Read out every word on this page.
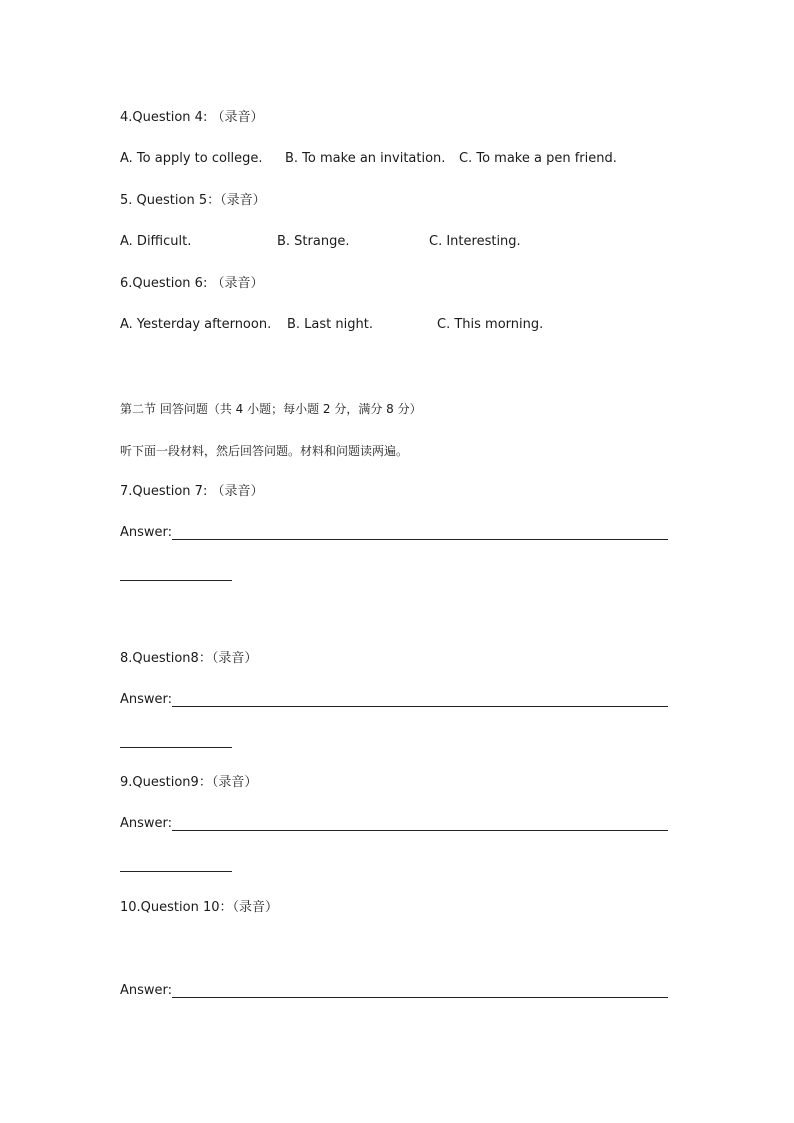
4.Question 4: （录音）
A. To apply to college. B. To make an invitation. C. To make a pen friend.
5. Question 5：（录音）
A. Difficult.	B. Strange.	C. Interesting.
6.Question 6: （录音）
A. Yesterday afternoon. B. Last night.	C. This morning.
第二节 回答问题（共 4 小题；每小题 2 分，满分 8 分）
听下面一段材料，然后回答问题。材料和问题读两遍。
7.Question 7: （录音）
Answer:
8.Question8：（录音）
Answer:
9.Question9：（录音）
Answer:
10.Question 10：（录音）
Answer:
